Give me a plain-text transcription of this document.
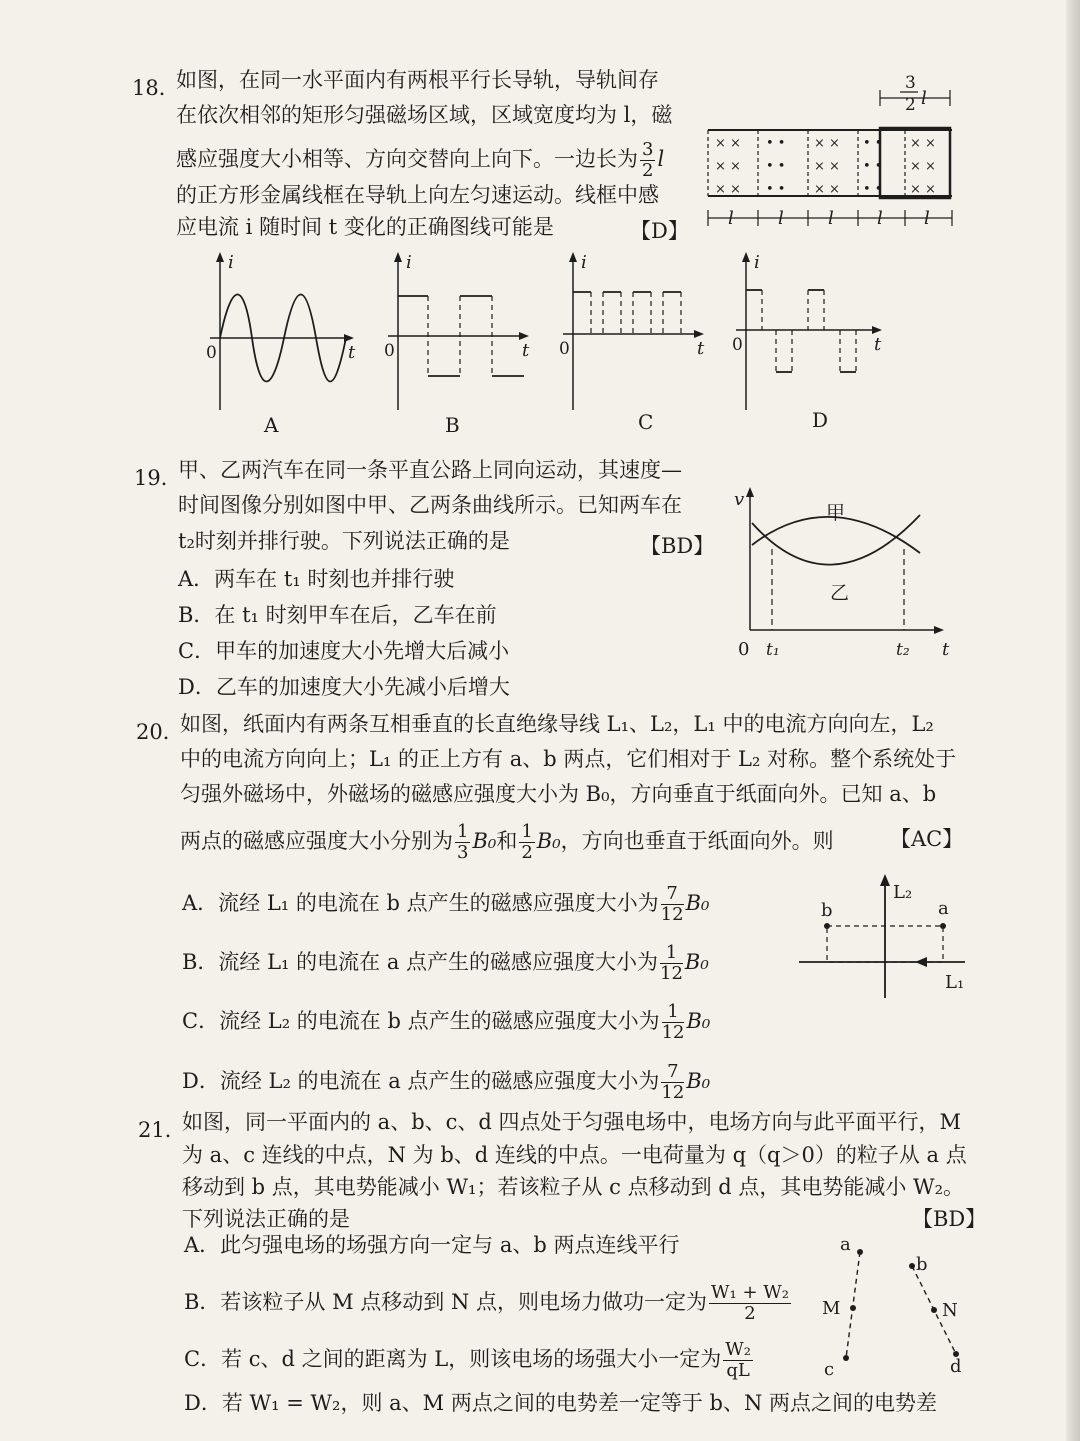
18．
如图，在同一水平面内有两根平行长导轨，导轨间存
在依次相邻的矩形匀强磁场区域，区域宽度均为 l，磁
感应强度大小相等、方向交替向上向下。一边长为 $\frac{3}{2}$ l
的正方形金属线框在导轨上向左匀速运动。线框中感
应电流 i 随时间 t 变化的正确图线可能是	【D】
× ×
× ×
× ×
• •
• •
• •
× ×
× ×
× ×
• •
• •
• •
× ×
× ×
× ×
3
2 l
l l l l l
i
t
0
A
i
t
0
B
i
t
0
C
i
t
0
D
19．
甲、乙两汽车在同一条平直公路上同向运动，其速度—
时间图像分别如图中甲、乙两条曲线所示。已知两车在
t₂时刻并排行驶。下列说法正确的是	【BD】
A．两车在 t₁ 时刻也并排行驶
B．在 t₁ 时刻甲车在后，乙车在前
C．甲车的加速度大小先增大后减小
D．乙车的加速度大小先减小后增大
v
t
0 t₁	t₂
甲
乙
20．
如图，纸面内有两条互相垂直的长直绝缘导线 L₁、L₂，L₁ 中的电流方向向左，L₂
中的电流方向向上；L₁ 的正上方有 a、b 两点，它们相对于 L₂ 对称。整个系统处于
匀强外磁场中，外磁场的磁感应强度大小为 B₀，方向垂直于纸面向外。已知 a、b
两点的磁感应强度大小分别为 $\frac{1}{3} B_0$和 $\frac{1}{2} B_0$，方向也垂直于纸面向外。则	【AC】
A．流经 L₁ 的电流在 b 点产生的磁感应强度大小为 $\frac{7}{12} B_0$
B．流经 L₁ 的电流在 a 点产生的磁感应强度大小为 $\frac{1}{12} B_0$
C．流经 L₂ 的电流在 b 点产生的磁感应强度大小为 $\frac{1}{12} B_0$
D．流经 L₂ 的电流在 a 点产生的磁感应强度大小为 $\frac{7}{12} B_0$
L₂
L₁
b	a
21．
如图，同一平面内的 a、b、c、d 四点处于匀强电场中，电场方向与此平面平行，M
为 a、c 连线的中点，N 为 b、d 连线的中点。一电荷量为 q（q＞0）的粒子从 a 点
移动到 b 点，其电势能减小 W₁；若该粒子从 c 点移动到 d 点，其电势能减小 W₂。
下列说法正确的是	【BD】
A．此匀强电场的场强方向一定与 a、b 两点连线平行
B．若该粒子从 M 点移动到 N 点，则电场力做功一定为 $\frac{\text{W₁ + W₂}}{2}$
C．若 c、d 之间的距离为 L，则该电场的场强大小一定为 $\frac{\text{W₂}}{qL}$
D．若 W₁ = W₂，则 a、M 两点之间的电势差一定等于 b、N 两点之间的电势差
a
b
c	d
M	N
